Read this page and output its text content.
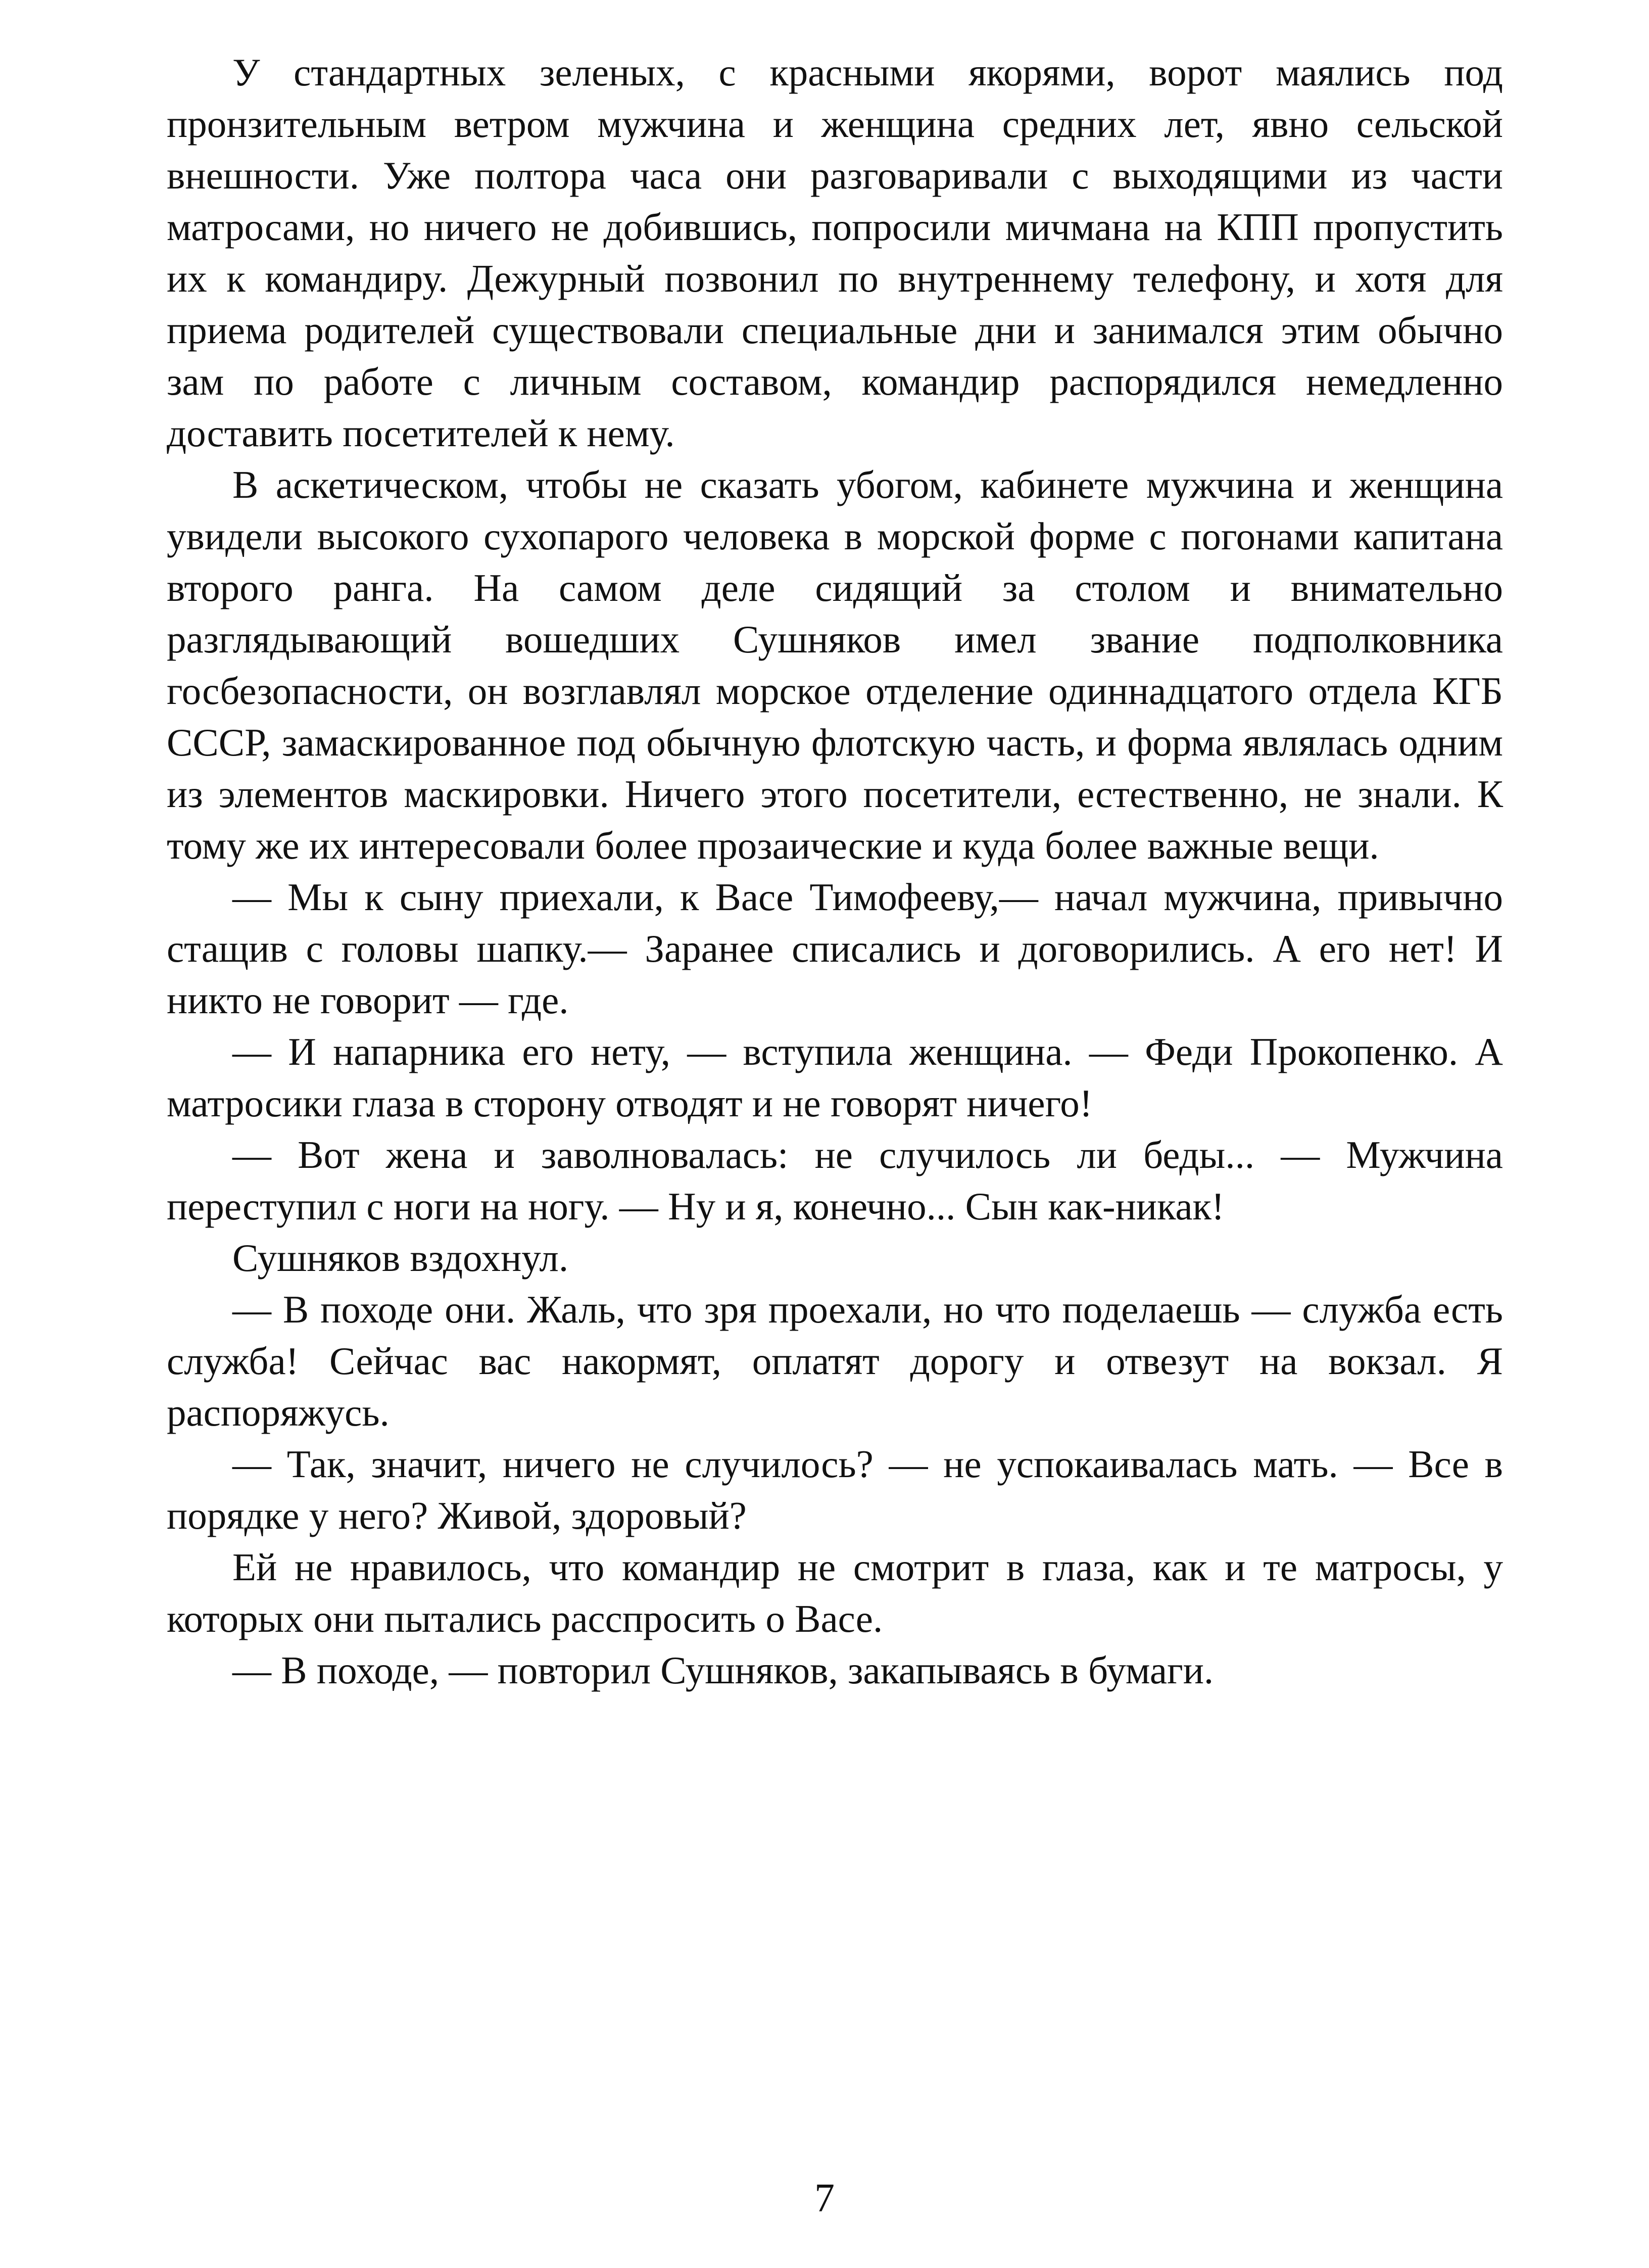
У стандартных зеленых, с красными якорями, ворот маялись под пронзительным ветром мужчина и женщина средних лет, явно сельской внешности. Уже полтора часа они разговаривали с выходящими из части матросами, но ничего не добившись, попросили мичмана на КПП пропустить их к командиру. Дежурный позвонил по внутреннему телефону, и хотя для приема родителей существовали специальные дни и занимался этим обычно зам по работе с личным составом, командир распорядился немедленно доставить посетителей к нему.

В аскетическом, чтобы не сказать убогом, кабинете мужчина и женщина увидели высокого сухопарого человека в морской форме с погонами капитана второго ранга. На самом деле сидящий за столом и внимательно разглядывающий вошедших Сушняков имел звание подполковника госбезопасности, он возглавлял морское отделение одиннадцатого отдела КГБ СССР, замаскированное под обычную флотскую часть, и форма являлась одним из элементов маскировки. Ничего этого посетители, естественно, не знали. К тому же их интересовали более прозаические и куда более важные вещи.

— Мы к сыну приехали, к Васе Тимофееву,— начал мужчина, привычно стащив с головы шапку.— Заранее списались и договорились. А его нет! И никто не говорит — где.

— И напарника его нету, — вступила женщина. — Феди Прокопенко. А матросики глаза в сторону отводят и не говорят ничего!

— Вот жена и заволновалась: не случилось ли беды... — Мужчина переступил с ноги на ногу. — Ну и я, конечно... Сын как-никак!

Сушняков вздохнул.

— В походе они. Жаль, что зря проехали, но что поделаешь — служба есть служба! Сейчас вас накормят, оплатят дорогу и отвезут на вокзал. Я распоряжусь.

— Так, значит, ничего не случилось? — не успокаивалась мать. — Все в порядке у него? Живой, здоровый?

Ей не нравилось, что командир не смотрит в глаза, как и те матросы, у которых они пытались расспросить о Васе.

— В походе, — повторил Сушняков, закапываясь в бумаги.

7
